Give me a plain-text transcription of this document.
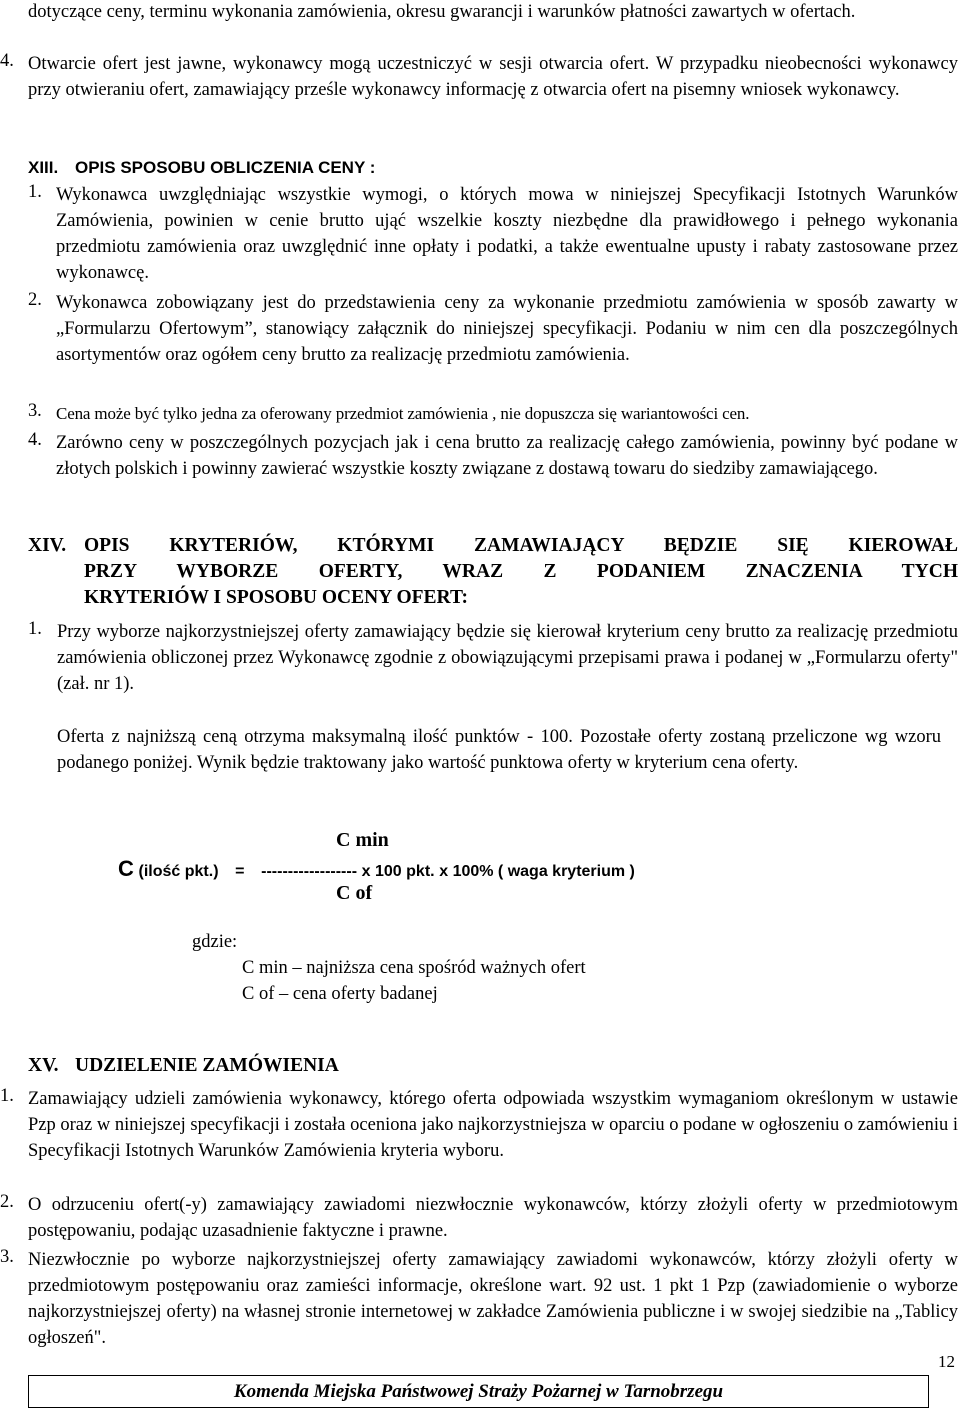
dotyczące ceny, terminu wykonania zamówienia, okresu gwarancji i warunków płatności zawartych w ofertach.

4. Otwarcie ofert jest jawne, wykonawcy mogą uczestniczyć w sesji otwarcia ofert. W przypadku nieobecności wykonawcy przy otwieraniu ofert, zamawiający prześle wykonawcy informację z otwarcia ofert na pisemny wniosek wykonawcy.
XIII. OPIS SPOSOBU OBLICZENIA CENY :
1. Wykonawca uwzględniając wszystkie wymogi, o których mowa w niniejszej Specyfikacji Istotnych Warunków Zamówienia, powinien w cenie brutto ująć wszelkie koszty niezbędne dla prawidłowego i pełnego wykonania przedmiotu zamówienia oraz uwzględnić inne opłaty i podatki, a także ewentualne upusty i rabaty zastosowane przez wykonawcę.
2. Wykonawca zobowiązany jest do przedstawienia ceny za wykonanie przedmiotu zamówienia w sposób zawarty w „Formularzu Ofertowym”, stanowiący załącznik do niniejszej specyfikacji. Podaniu w nim cen dla poszczególnych asortymentów oraz ogółem ceny brutto za realizację przedmiotu zamówienia.
3. Cena może być tylko jedna za oferowany przedmiot zamówienia , nie dopuszcza się wariantowości cen.
4. Zarówno ceny w poszczególnych pozycjach jak i cena brutto za realizację całego zamówienia, powinny być podane w złotych polskich i powinny zawierać wszystkie koszty związane z dostawą towaru do siedziby zamawiającego.
XIV. OPIS KRYTERIÓW, KTÓRYMI ZAMAWIAJĄCY BĘDZIE SIĘ KIEROWAŁ
PRZY WYBORZE OFERTY, WRAZ Z PODANIEM ZNACZENIA TYCH
KRYTERIÓW I SPOSOBU OCENY OFERT:
1. Przy wyborze najkorzystniejszej oferty zamawiający będzie się kierował kryterium ceny brutto za realizację przedmiotu zamówienia obliczonej przez Wykonawcę zgodnie z obowiązującymi przepisami prawa i podanej w „Formularzu oferty" (zał. nr 1).

Oferta z najniższą ceną otrzyma maksymalną ilość punktów - 100. Pozostałe oferty zostaną przeliczone wg wzoru podanego poniżej. Wynik będzie traktowany jako wartość punktowa oferty w kryterium cena oferty.

C min
C (ilość pkt.) = ------------------ x 100 pkt. x 100% ( waga kryterium )
C of
gdzie:
C min – najniższa cena spośród ważnych ofert
C of – cena oferty badanej
XV. UDZIELENIE ZAMÓWIENIA
1. Zamawiający udzieli zamówienia wykonawcy, którego oferta odpowiada wszystkim wymaganiom określonym w ustawie Pzp oraz w niniejszej specyfikacji i została oceniona jako najkorzystniejsza w oparciu o podane w ogłoszeniu o zamówieniu i Specyfikacji Istotnych Warunków Zamówienia kryteria wyboru.
2. O odrzuceniu ofert(-y) zamawiający zawiadomi niezwłocznie wykonawców, którzy złożyli oferty w przedmiotowym postępowaniu, podając uzasadnienie faktyczne i prawne.
3. Niezwłocznie po wyborze najkorzystniejszej oferty zamawiający zawiadomi wykonawców, którzy złożyli oferty w przedmiotowym postępowaniu oraz zamieści informacje, określone wart. 92 ust. 1 pkt 1 Pzp (zawiadomienie o wyborze najkorzystniejszej oferty) na własnej stronie internetowej w zakładce Zamówienia publiczne i w swojej siedzibie na „Tablicy ogłoszeń".
12
Komenda Miejska Państwowej Straży Pożarnej w Tarnobrzegu
